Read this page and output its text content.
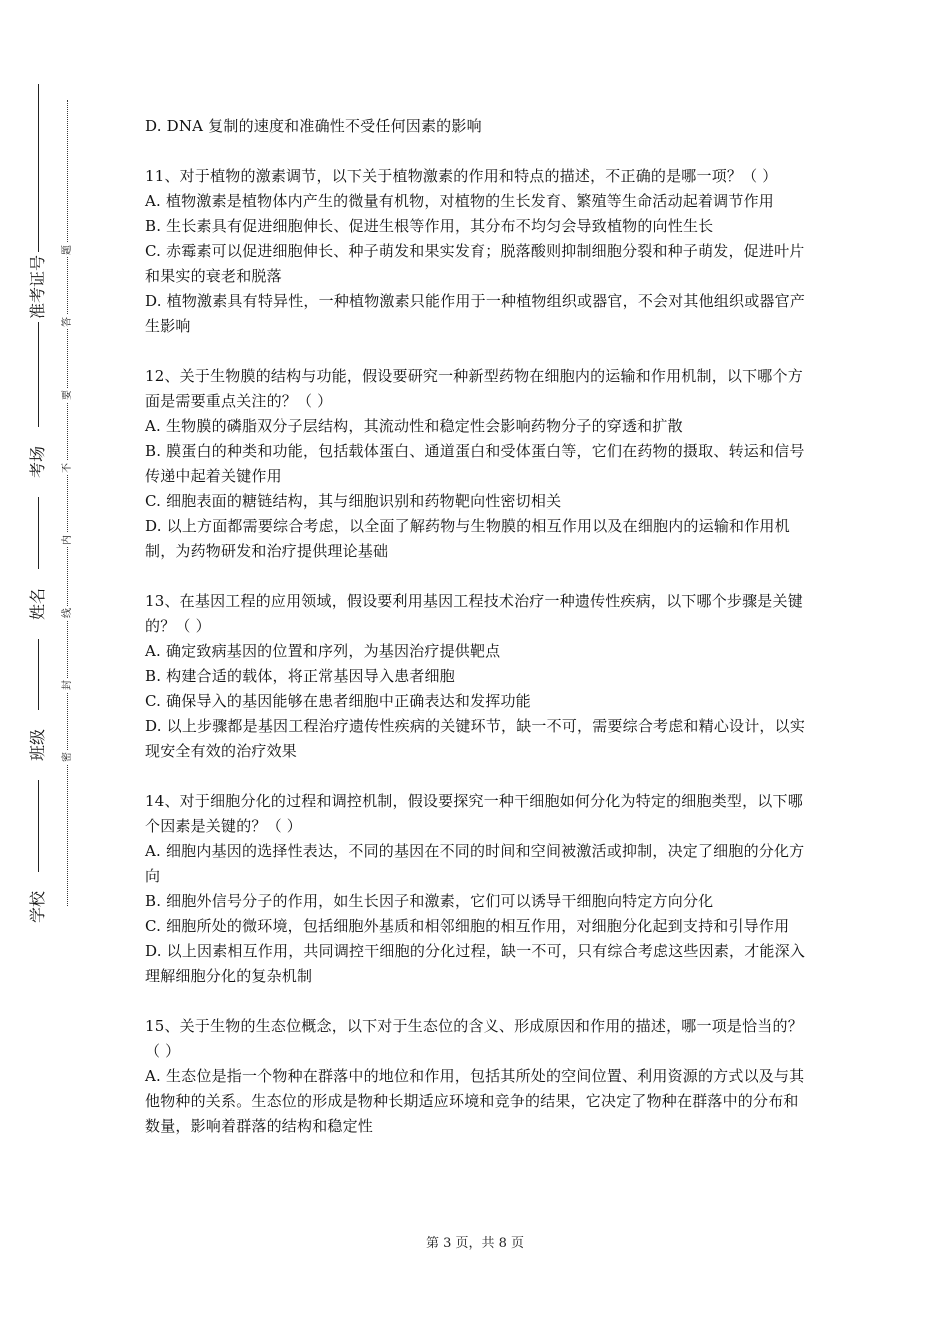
准考证号
考场
姓名
班级
学校
题
答
要
不
内
线
封
密

D. DNA 复制的速度和准确性不受任何因素的影响

11、对于植物的激素调节，以下关于植物激素的作用和特点的描述，不正确的是哪一项？（ ）

A. 植物激素是植物体内产生的微量有机物，对植物的生长发育、繁殖等生命活动起着调节作用

B. 生长素具有促进细胞伸长、促进生根等作用，其分布不均匀会导致植物的向性生长

C. 赤霉素可以促进细胞伸长、种子萌发和果实发育；脱落酸则抑制细胞分裂和种子萌发，促进叶片和果实的衰老和脱落

D. 植物激素具有特异性，一种植物激素只能作用于一种植物组织或器官，不会对其他组织或器官产生影响

12、关于生物膜的结构与功能，假设要研究一种新型药物在细胞内的运输和作用机制，以下哪个方面是需要重点关注的？（ ）

A. 生物膜的磷脂双分子层结构，其流动性和稳定性会影响药物分子的穿透和扩散

B. 膜蛋白的种类和功能，包括载体蛋白、通道蛋白和受体蛋白等，它们在药物的摄取、转运和信号传递中起着关键作用

C. 细胞表面的糖链结构，其与细胞识别和药物靶向性密切相关

D. 以上方面都需要综合考虑，以全面了解药物与生物膜的相互作用以及在细胞内的运输和作用机制，为药物研发和治疗提供理论基础

13、在基因工程的应用领域，假设要利用基因工程技术治疗一种遗传性疾病，以下哪个步骤是关键的？（ ）

A. 确定致病基因的位置和序列，为基因治疗提供靶点

B. 构建合适的载体，将正常基因导入患者细胞

C. 确保导入的基因能够在患者细胞中正确表达和发挥功能

D. 以上步骤都是基因工程治疗遗传性疾病的关键环节，缺一不可，需要综合考虑和精心设计，以实现安全有效的治疗效果

14、对于细胞分化的过程和调控机制，假设要探究一种干细胞如何分化为特定的细胞类型，以下哪个因素是关键的？（ ）

A. 细胞内基因的选择性表达，不同的基因在不同的时间和空间被激活或抑制，决定了细胞的分化方向

B. 细胞外信号分子的作用，如生长因子和激素，它们可以诱导干细胞向特定方向分化

C. 细胞所处的微环境，包括细胞外基质和相邻细胞的相互作用，对细胞分化起到支持和引导作用

D. 以上因素相互作用，共同调控干细胞的分化过程，缺一不可，只有综合考虑这些因素，才能深入理解细胞分化的复杂机制

15、关于生物的生态位概念，以下对于生态位的含义、形成原因和作用的描述，哪一项是恰当的？（ ）

A. 生态位是指一个物种在群落中的地位和作用，包括其所处的空间位置、利用资源的方式以及与其他物种的关系。生态位的形成是物种长期适应环境和竞争的结果，它决定了物种在群落中的分布和数量，影响着群落的结构和稳定性

第 3 页，共 8 页
